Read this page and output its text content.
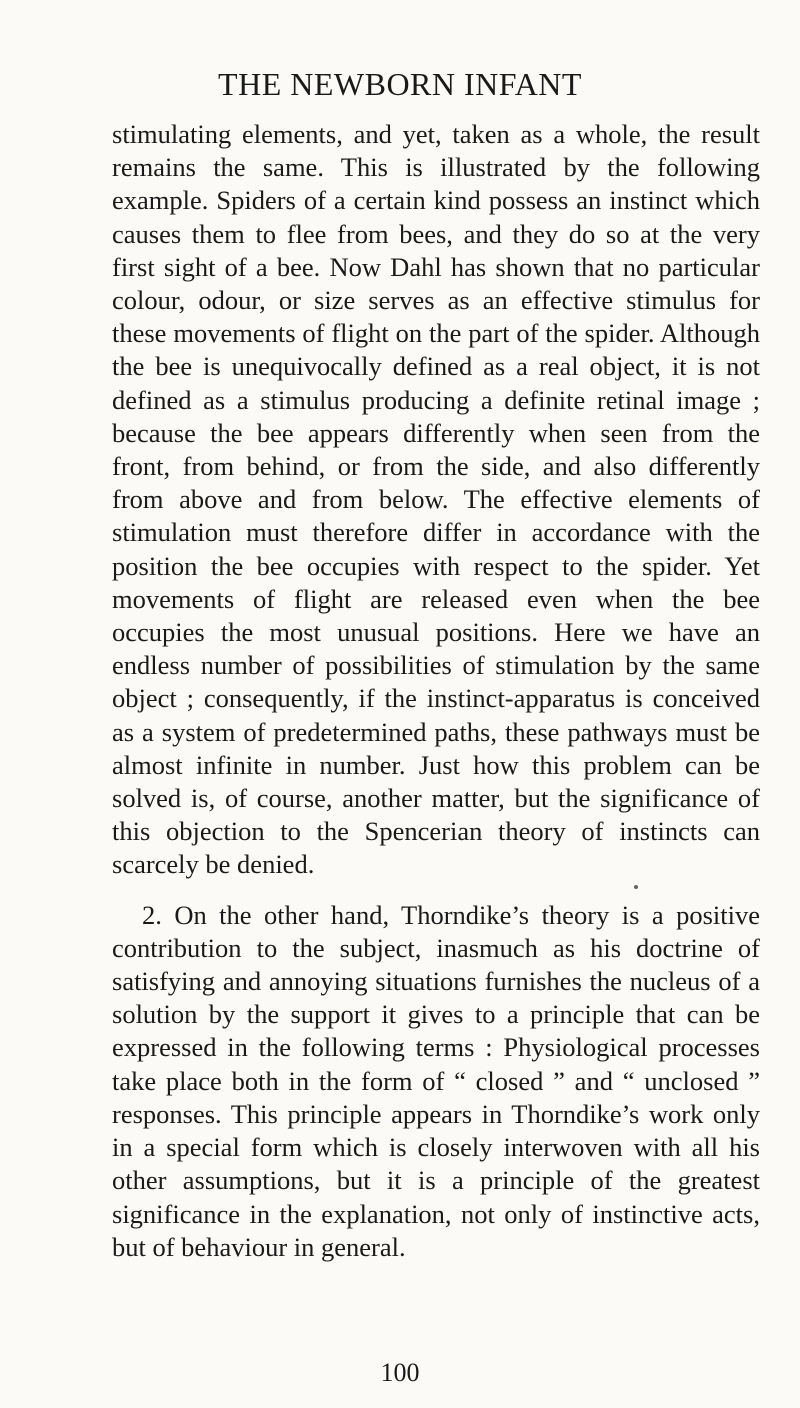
THE NEWBORN INFANT

stimulating elements, and yet, taken as a whole, the result remains the same. This is illustrated by the following example. Spiders of a certain kind possess an instinct which causes them to flee from bees, and they do so at the very first sight of a bee. Now Dahl has shown that no particular colour, odour, or size serves as an effective stimulus for these movements of flight on the part of the spider. Although the bee is unequivocally defined as a real object, it is not defined as a stimulus producing a definite retinal image ; because the bee appears differently when seen from the front, from behind, or from the side, and also differently from above and from below. The effective elements of stimulation must therefore differ in accordance with the position the bee occupies with respect to the spider. Yet movements of flight are released even when the bee occupies the most unusual positions. Here we have an endless number of possibilities of stimulation by the same object ; consequently, if the instinct-apparatus is conceived as a system of predetermined paths, these pathways must be almost infinite in number. Just how this problem can be solved is, of course, another matter, but the significance of this objection to the Spencerian theory of instincts can scarcely be denied.

2. On the other hand, Thorndike’s theory is a positive contribution to the subject, inasmuch as his doctrine of satisfying and annoying situations furnishes the nucleus of a solution by the support it gives to a principle that can be expressed in the following terms : Physiological processes take place both in the form of “ closed ” and “ unclosed ” responses. This principle appears in Thorndike’s work only in a special form which is closely interwoven with all his other assumptions, but it is a principle of the greatest significance in the explanation, not only of instinctive acts, but of behaviour in general.

100
